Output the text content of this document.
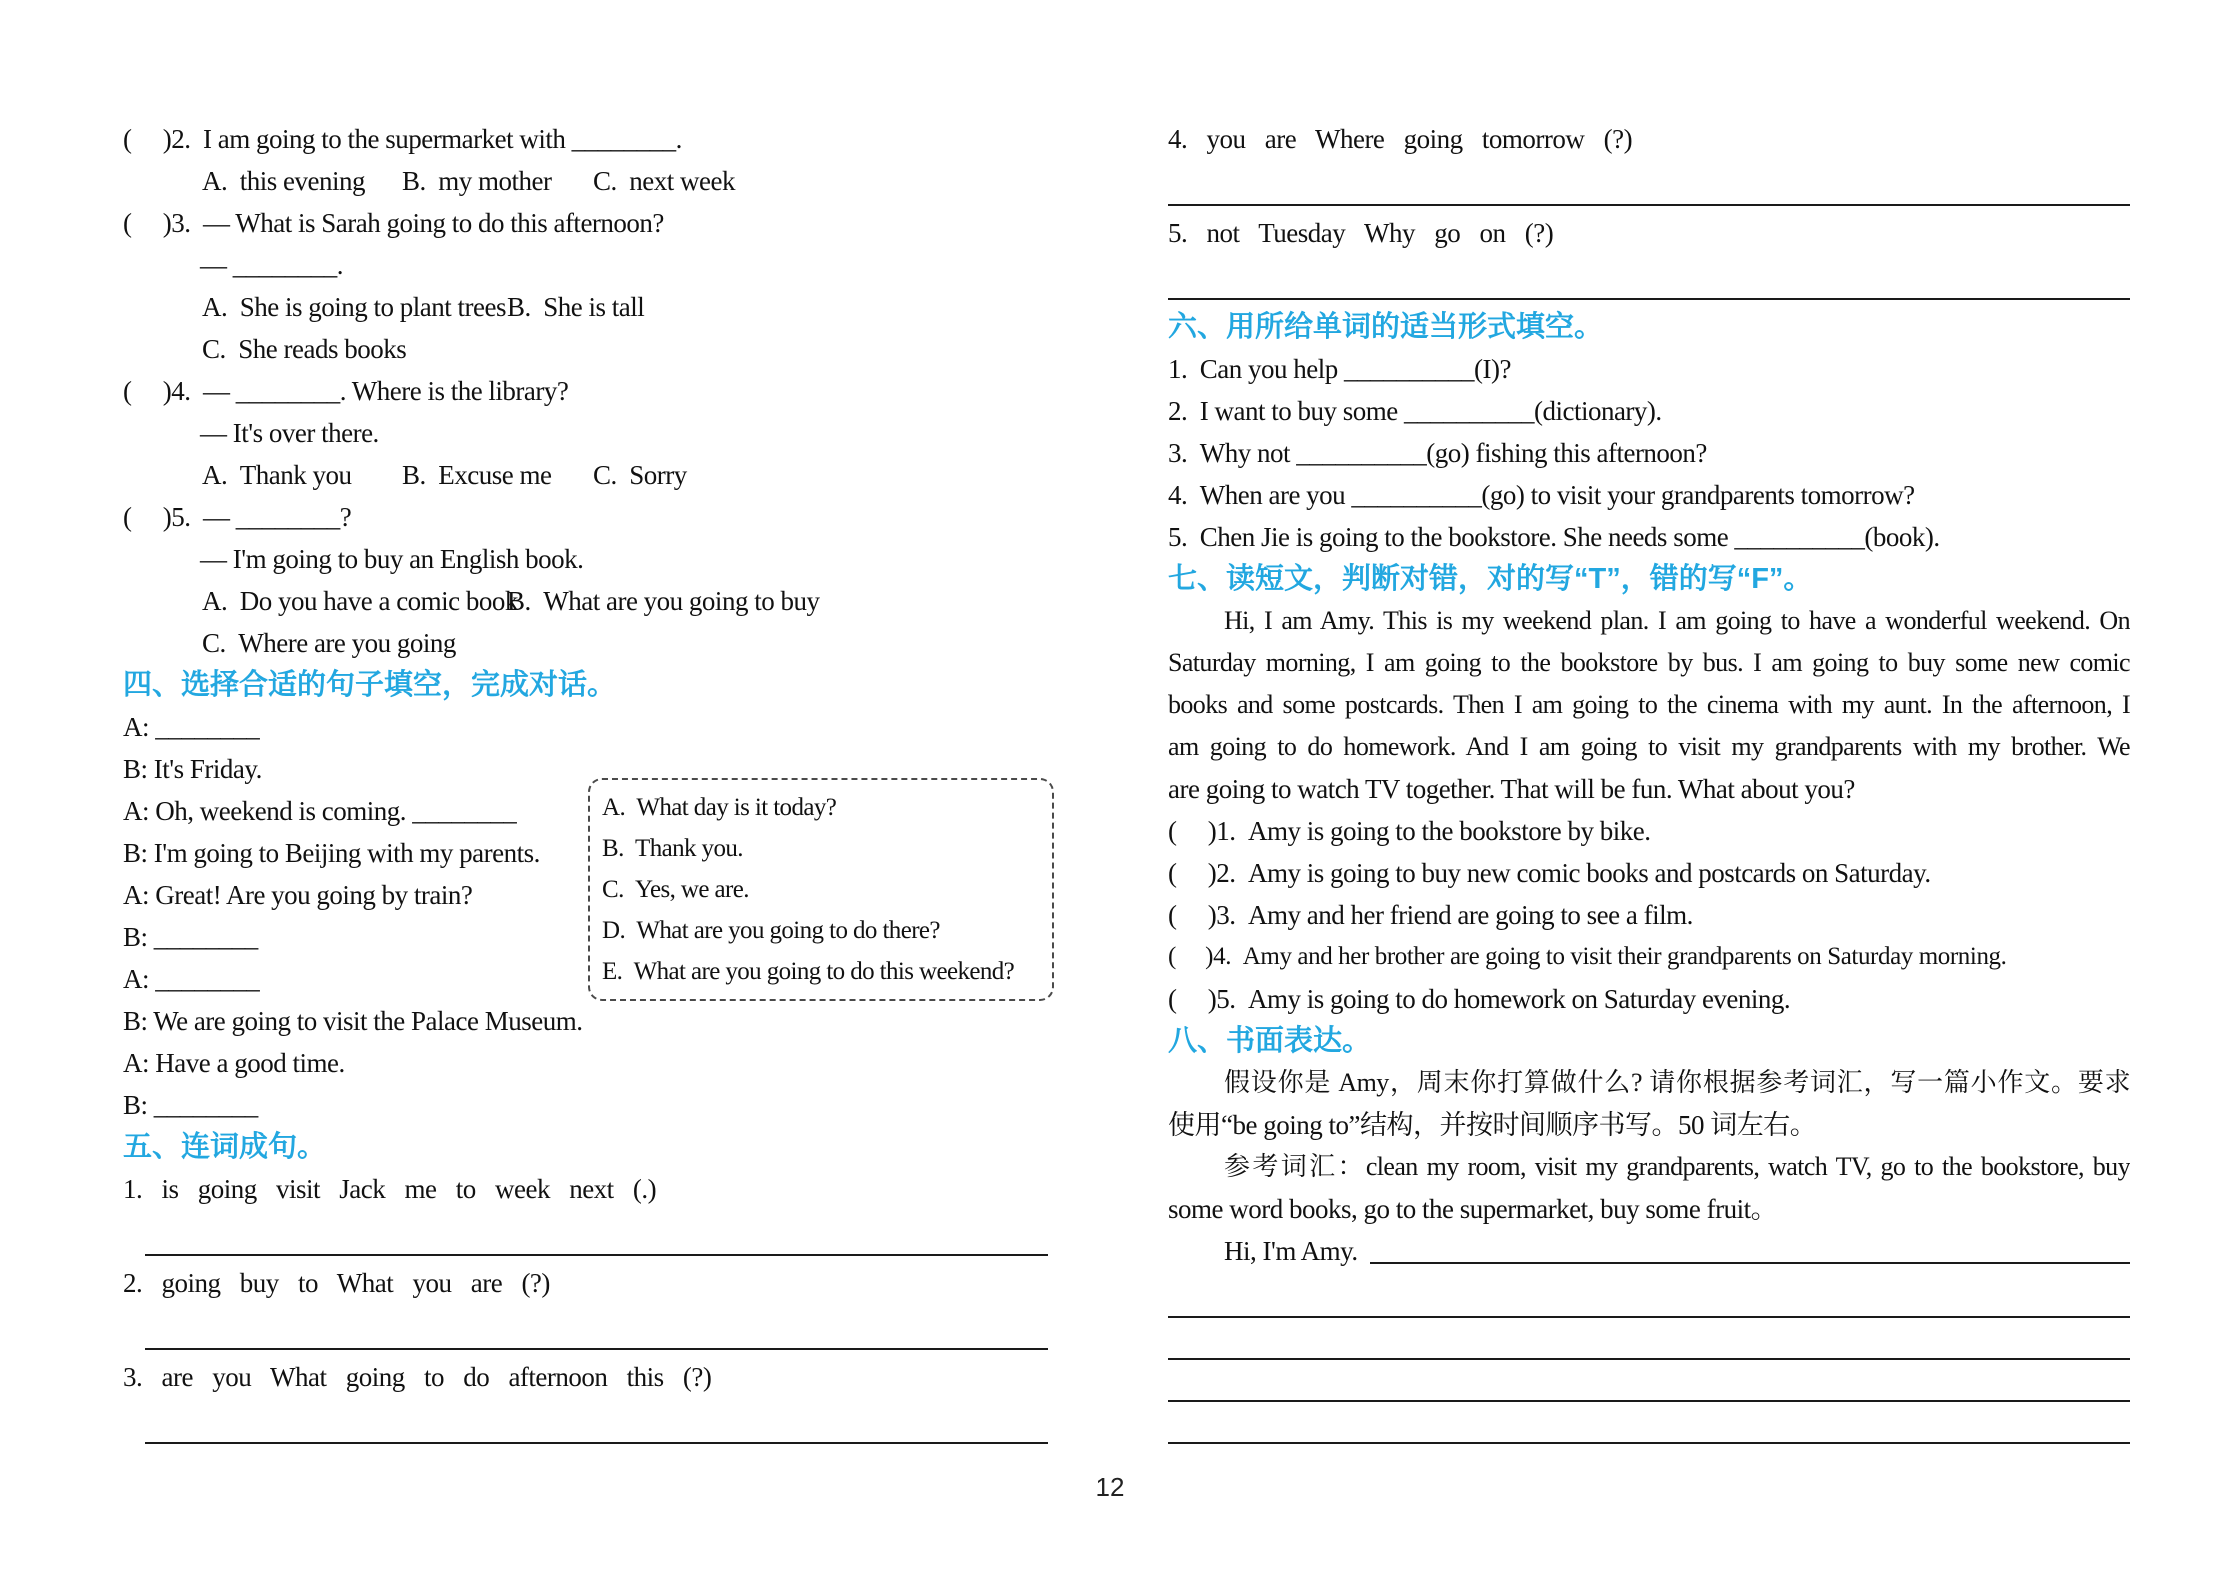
(     )2.  I am going to the supermarket with ________.
A.  this evening B.  my mother C.  next week
(     )3.  — What is Sarah going to do this afternoon?
— ________.
A.  She is going to plant trees B.  She is tall
C.  She reads books
(     )4.  — ________. Where is the library?
— It's over there.
A.  Thank you B.  Excuse me C.  Sorry
(     )5.  — ________?
— I'm going to buy an English book.
A.  Do you have a comic book
B.  What are you going to buy
C.  Where are you going
四、选择合适的句子填空，完成对话。
A: ________
B: It's Friday.
A: Oh, weekend is coming. ________
B: I'm going to Beijing with my parents.
A: Great! Are you going by train?
B: ________
A: ________
B: We are going to visit the Palace Museum.
A: Have a good time.
B: ________
五、连词成句。
1. is going visit Jack me to week next (.)
2. going buy to What you are (?)
3. are you What going to do afternoon this (?)
4. you are Where going tomorrow (?)
5. not Tuesday Why go on (?)
六、用所给单词的适当形式填空。
1.  Can you help __________(I)?
2.  I want to buy some __________(dictionary).
3.  Why not __________(go) fishing this afternoon?
4.  When are you __________(go) to visit your grandparents tomorrow?
5.  Chen Jie is going to the bookstore. She needs some __________(book).
七、读短文，判断对错，对的写“T”，错的写“F”。
Hi, I am Amy. This is my weekend plan. I am going to have a wonderful weekend. On
Saturday morning, I am going to the bookstore by bus. I am going to buy some new comic
books and some postcards. Then I am going to the cinema with my aunt. In the afternoon, I
am going to do homework. And I am going to visit my grandparents with my brother. We
are going to watch TV together. That will be fun. What about you?
(     )1.  Amy is going to the bookstore by bike.
(     )2.  Amy is going to buy new comic books and postcards on Saturday.
(     )3.  Amy and her friend are going to see a film.
(     )4.  Amy and her brother are going to visit their grandparents on Saturday morning.
(     )5.  Amy is going to do homework on Saturday evening.
八、书面表达。
假设你是 Amy，周末你打算做什么? 请你根据参考词汇，写一篇小作文。要求
使用“be going to”结构，并按时间顺序书写。50 词左右。
参考词汇：clean my room, visit my grandparents, watch TV, go to the bookstore, buy
some word books, go to the supermarket, buy some fruit。
Hi, I'm Amy.
A.  What day is it today?
B.  Thank you.
C.  Yes, we are.
D.  What are you going to do there?
E.  What are you going to do this weekend?
12
